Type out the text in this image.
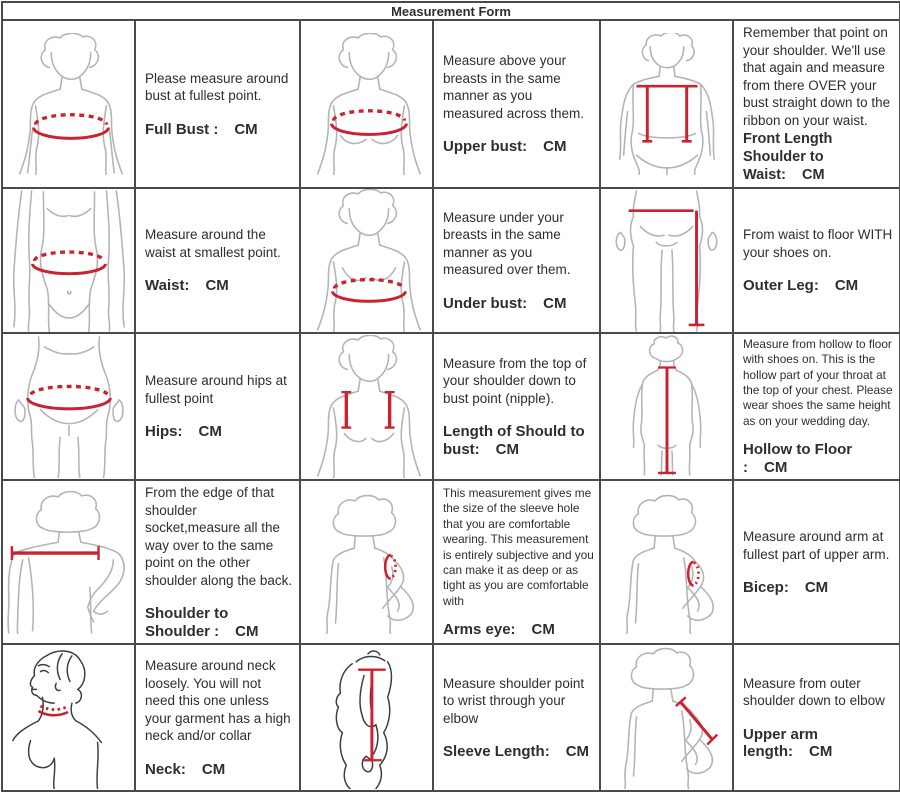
Measurement Form					

Please measure around bust at fullest point.
Full Bust : CM

Measure above your breasts in the same manner as you measured across them.
Upper bust: CM

Remember that point on your shoulder. We'll use that again and measure from there OVER your bust straight down to the ribbon on your waist.
Front Length Shoulder to Waist: CM

Measure around the waist at smallest point.
Waist: CM

Measure under your breasts in the same manner as you measured over them.
Under bust: CM

From waist to floor WITH your shoes on.
Outer Leg: CM

Measure around hips at fullest point
Hips: CM

Measure from the top of your shoulder down to bust point (nipple).
Length of Should to bust: CM

Measure from hollow to floor with shoes on. This is the hollow part of your throat at the top of your chest. Please wear shoes the same height as on your wedding day.
Hollow to Floor : CM

From the edge of that shoulder socket,measure all the way over to the same point on the other shoulder along the back.
Shoulder to Shoulder : CM

This measurement gives me the size of the sleeve hole that you are comfortable wearing. This measurement is entirely subjective and you can make it as deep or as tight as you are comfortable with
Arms eye: CM

Measure around arm at fullest part of upper arm.
Bicep: CM

Measure around neck loosely. You will not need this one unless your garment has a high neck and/or collar
Neck: CM

Measure shoulder point to wrist through your elbow
Sleeve Length: CM

Measure from outer shoulder down to elbow
Upper arm length: CM
